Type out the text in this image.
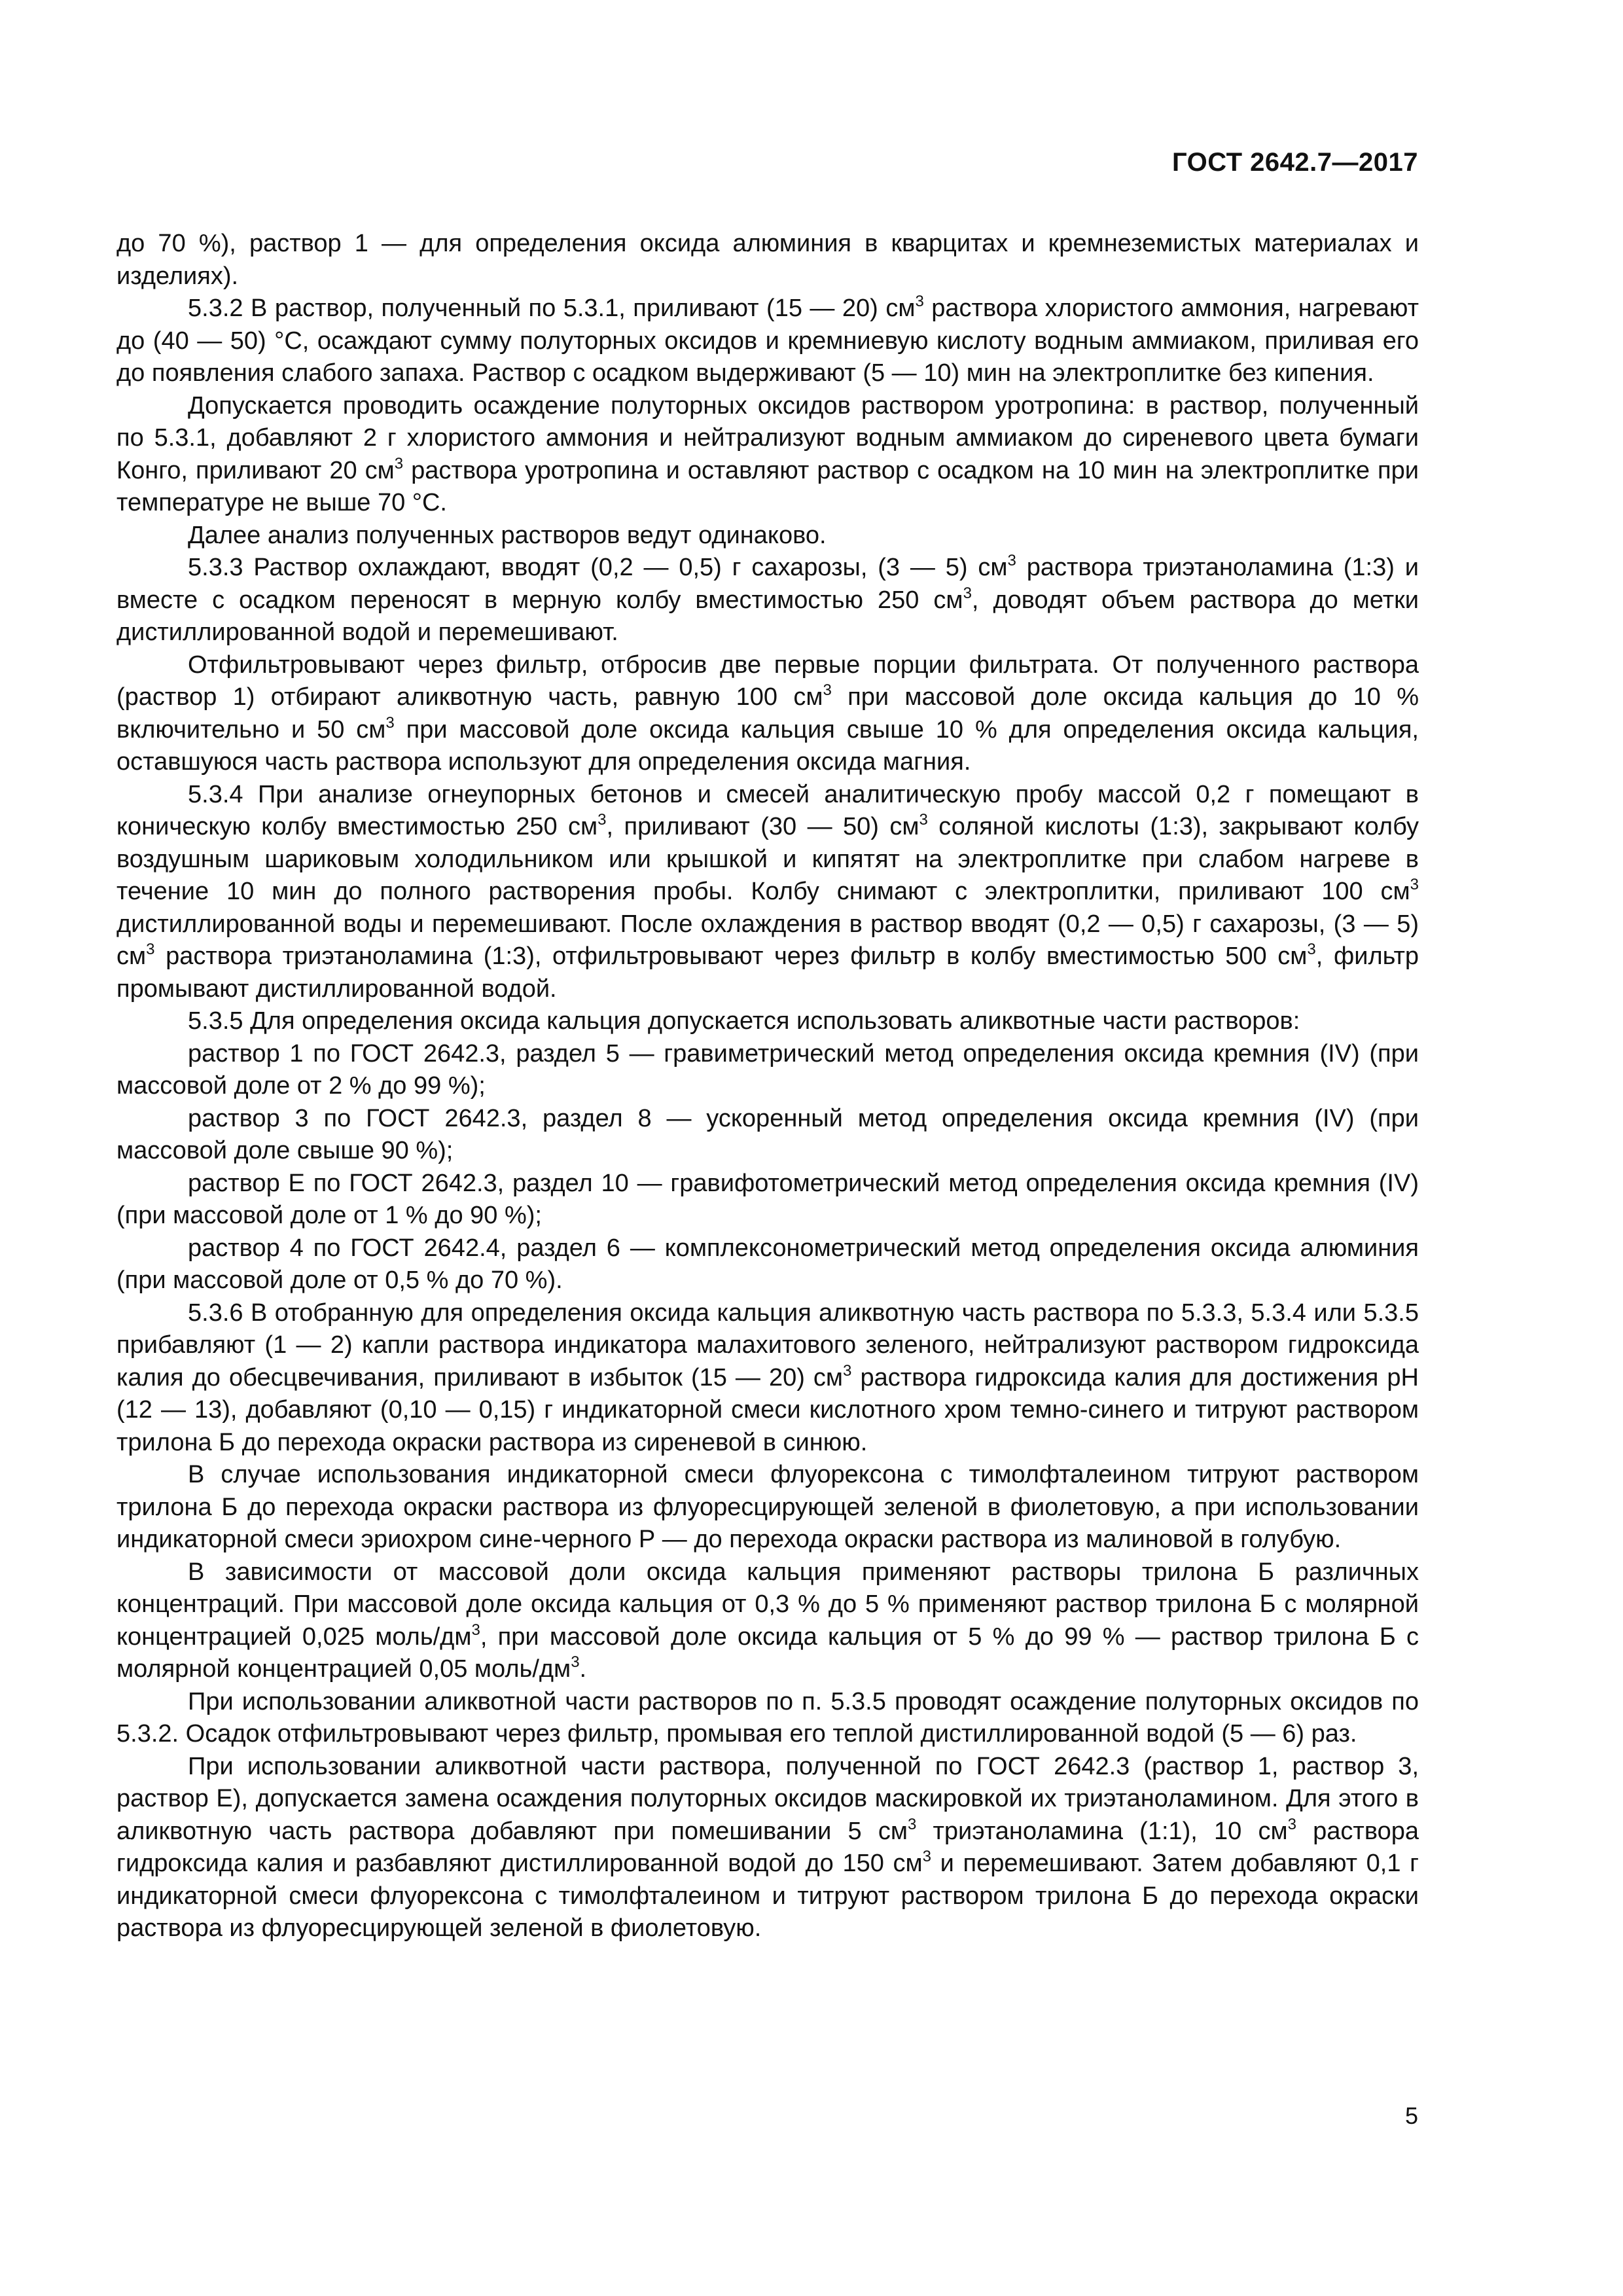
ГОСТ 2642.7—2017

до 70 %), раствор 1 — для определения оксида алюминия в кварцитах и кремнеземистых материалах и изделиях).

5.3.2 В раствор, полученный по 5.3.1, приливают (15 — 20) $см^3$ раствора хлористого аммония, нагревают до (40 — 50) °С, осаждают сумму полуторных оксидов и кремниевую кислоту водным аммиаком, приливая его до появления слабого запаха. Раствор с осадком выдерживают (5 — 10) мин на электроплитке без кипения.

Допускается проводить осаждение полуторных оксидов раствором уротропина: в раствор, полученный по 5.3.1, добавляют 2 г хлористого аммония и нейтрализуют водным аммиаком до сиреневого цвета бумаги Конго, приливают 20 $см^3$ раствора уротропина и оставляют раствор с осадком на 10 мин на электроплитке при температуре не выше 70 °С.

Далее анализ полученных растворов ведут одинаково.

5.3.3 Раствор охлаждают, вводят (0,2 — 0,5) г сахарозы, (3 — 5) $см^3$ раствора триэтаноламина (1:3) и вместе с осадком переносят в мерную колбу вместимостью 250 $см^3$, доводят объем раствора до метки дистиллированной водой и перемешивают.

Отфильтровывают через фильтр, отбросив две первые порции фильтрата. От полученного раствора (раствор 1) отбирают аликвотную часть, равную 100 $см^3$ при массовой доле оксида кальция до 10 % включительно и 50 $см^3$ при массовой доле оксида кальция свыше 10 % для определения оксида кальция, оставшуюся часть раствора используют для определения оксида магния.

5.3.4 При анализе огнеупорных бетонов и смесей аналитическую пробу массой 0,2 г помещают в коническую колбу вместимостью 250 $см^3$, приливают (30 — 50) $см^3$ соляной кислоты (1:3), закрывают колбу воздушным шариковым холодильником или крышкой и кипятят на электроплитке при слабом нагреве в течение 10 мин до полного растворения пробы. Колбу снимают с электроплитки, приливают 100 $см^3$ дистиллированной воды и перемешивают. После охлаждения в раствор вводят (0,2 — 0,5) г сахарозы, (3 — 5) $см^3$ раствора триэтаноламина (1:3), отфильтровывают через фильтр в колбу вместимостью 500 $см^3$, фильтр промывают дистиллированной водой.

5.3.5 Для определения оксида кальция допускается использовать аликвотные части растворов:

раствор 1 по ГОСТ 2642.3, раздел 5 — гравиметрический метод определения оксида кремния (IV) (при массовой доле от 2 % до 99 %);

раствор 3 по ГОСТ 2642.3, раздел 8 — ускоренный метод определения оксида кремния (IV) (при массовой доле свыше 90 %);

раствор Е по ГОСТ 2642.3, раздел 10 — гравифотометрический метод определения оксида кремния (IV) (при массовой доле от 1 % до 90 %);

раствор 4 по ГОСТ 2642.4, раздел 6 — комплексонометрический метод определения оксида алюминия (при массовой доле от 0,5 % до 70 %).

5.3.6 В отобранную для определения оксида кальция аликвотную часть раствора по 5.3.3, 5.3.4 или 5.3.5 прибавляют (1 — 2) капли раствора индикатора малахитового зеленого, нейтрализуют раствором гидроксида калия до обесцвечивания, приливают в избыток (15 — 20) $см^3$ раствора гидроксида калия для достижения pH (12 — 13), добавляют (0,10 — 0,15) г индикаторной смеси кислотного хром темно-синего и титруют раствором трилона Б до перехода окраски раствора из сиреневой в синюю.

В случае использования индикаторной смеси флуорексона с тимолфталеином титруют раствором трилона Б до перехода окраски раствора из флуоресцирующей зеленой в фиолетовую, а при использовании индикаторной смеси эриохром сине-черного Р — до перехода окраски раствора из малиновой в голубую.

В зависимости от массовой доли оксида кальция применяют растворы трилона Б различных концентраций. При массовой доле оксида кальция от 0,3 % до 5 % применяют раствор трилона Б с молярной концентрацией 0,025 моль/$дм^3$, при массовой доле оксида кальция от 5 % до 99 % — раствор трилона Б с молярной концентрацией 0,05 моль/$дм^3$.

При использовании аликвотной части растворов по п. 5.3.5 проводят осаждение полуторных оксидов по 5.3.2. Осадок отфильтровывают через фильтр, промывая его теплой дистиллированной водой (5 — 6) раз.

При использовании аликвотной части раствора, полученной по ГОСТ 2642.3 (раствор 1, раствор 3, раствор Е), допускается замена осаждения полуторных оксидов маскировкой их триэтаноламином. Для этого в аликвотную часть раствора добавляют при помешивании 5 $см^3$ триэтаноламина (1:1), 10 $см^3$ раствора гидроксида калия и разбавляют дистиллированной водой до 150 $см^3$ и перемешивают. Затем добавляют 0,1 г индикаторной смеси флуорексона с тимолфталеином и титруют раствором трилона Б до перехода окраски раствора из флуоресцирующей зеленой в фиолетовую.

5
